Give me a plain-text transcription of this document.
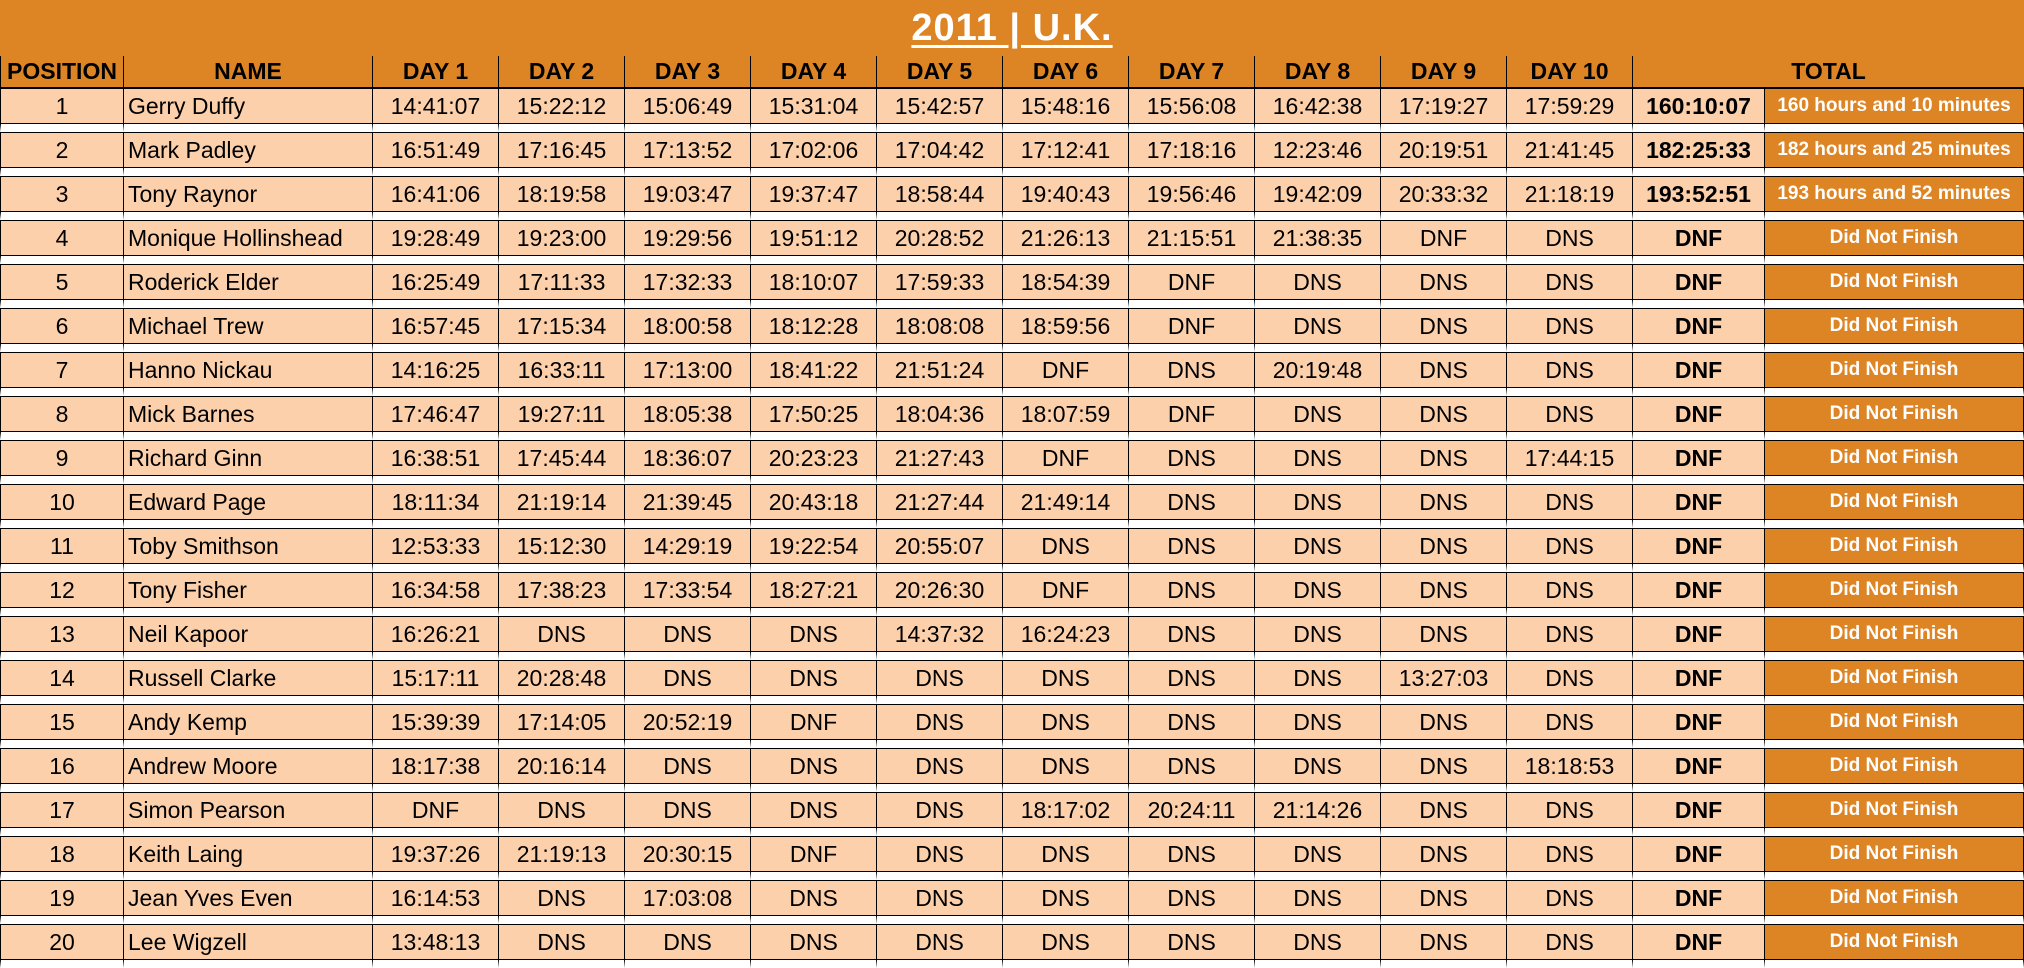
2011 | U.K.
POSITION	NAME	DAY 1	DAY 2	DAY 3	DAY 4	DAY 5	DAY 6	DAY 7	DAY 8	DAY 9	DAY 10	TOTAL	
1	Gerry Duffy	14:41:07	15:22:12	15:06:49	15:31:04	15:42:57	15:48:16	15:56:08	16:42:38	17:19:27	17:59:29	160:10:07	160 hours and 10 minutes
2	Mark Padley	16:51:49	17:16:45	17:13:52	17:02:06	17:04:42	17:12:41	17:18:16	12:23:46	20:19:51	21:41:45	182:25:33	182 hours and 25 minutes
3	Tony Raynor	16:41:06	18:19:58	19:03:47	19:37:47	18:58:44	19:40:43	19:56:46	19:42:09	20:33:32	21:18:19	193:52:51	193 hours and 52 minutes
4	Monique Hollinshead	19:28:49	19:23:00	19:29:56	19:51:12	20:28:52	21:26:13	21:15:51	21:38:35	DNF	DNS	DNF	Did Not Finish
5	Roderick Elder	16:25:49	17:11:33	17:32:33	18:10:07	17:59:33	18:54:39	DNF	DNS	DNS	DNS	DNF	Did Not Finish
6	Michael Trew	16:57:45	17:15:34	18:00:58	18:12:28	18:08:08	18:59:56	DNF	DNS	DNS	DNS	DNF	Did Not Finish
7	Hanno Nickau	14:16:25	16:33:11	17:13:00	18:41:22	21:51:24	DNF	DNS	20:19:48	DNS	DNS	DNF	Did Not Finish
8	Mick Barnes	17:46:47	19:27:11	18:05:38	17:50:25	18:04:36	18:07:59	DNF	DNS	DNS	DNS	DNF	Did Not Finish
9	Richard Ginn	16:38:51	17:45:44	18:36:07	20:23:23	21:27:43	DNF	DNS	DNS	DNS	17:44:15	DNF	Did Not Finish
10	Edward Page	18:11:34	21:19:14	21:39:45	20:43:18	21:27:44	21:49:14	DNS	DNS	DNS	DNS	DNF	Did Not Finish
11	Toby Smithson	12:53:33	15:12:30	14:29:19	19:22:54	20:55:07	DNS	DNS	DNS	DNS	DNS	DNF	Did Not Finish
12	Tony Fisher	16:34:58	17:38:23	17:33:54	18:27:21	20:26:30	DNF	DNS	DNS	DNS	DNS	DNF	Did Not Finish
13	Neil Kapoor	16:26:21	DNS	DNS	DNS	14:37:32	16:24:23	DNS	DNS	DNS	DNS	DNF	Did Not Finish
14	Russell Clarke	15:17:11	20:28:48	DNS	DNS	DNS	DNS	DNS	DNS	13:27:03	DNS	DNF	Did Not Finish
15	Andy Kemp	15:39:39	17:14:05	20:52:19	DNF	DNS	DNS	DNS	DNS	DNS	DNS	DNF	Did Not Finish
16	Andrew Moore	18:17:38	20:16:14	DNS	DNS	DNS	DNS	DNS	DNS	DNS	18:18:53	DNF	Did Not Finish
17	Simon Pearson	DNF	DNS	DNS	DNS	DNS	18:17:02	20:24:11	21:14:26	DNS	DNS	DNF	Did Not Finish
18	Keith Laing	19:37:26	21:19:13	20:30:15	DNF	DNS	DNS	DNS	DNS	DNS	DNS	DNF	Did Not Finish
19	Jean Yves Even	16:14:53	DNS	17:03:08	DNS	DNS	DNS	DNS	DNS	DNS	DNS	DNF	Did Not Finish
20	Lee Wigzell	13:48:13	DNS	DNS	DNS	DNS	DNS	DNS	DNS	DNS	DNS	DNF	Did Not Finish
